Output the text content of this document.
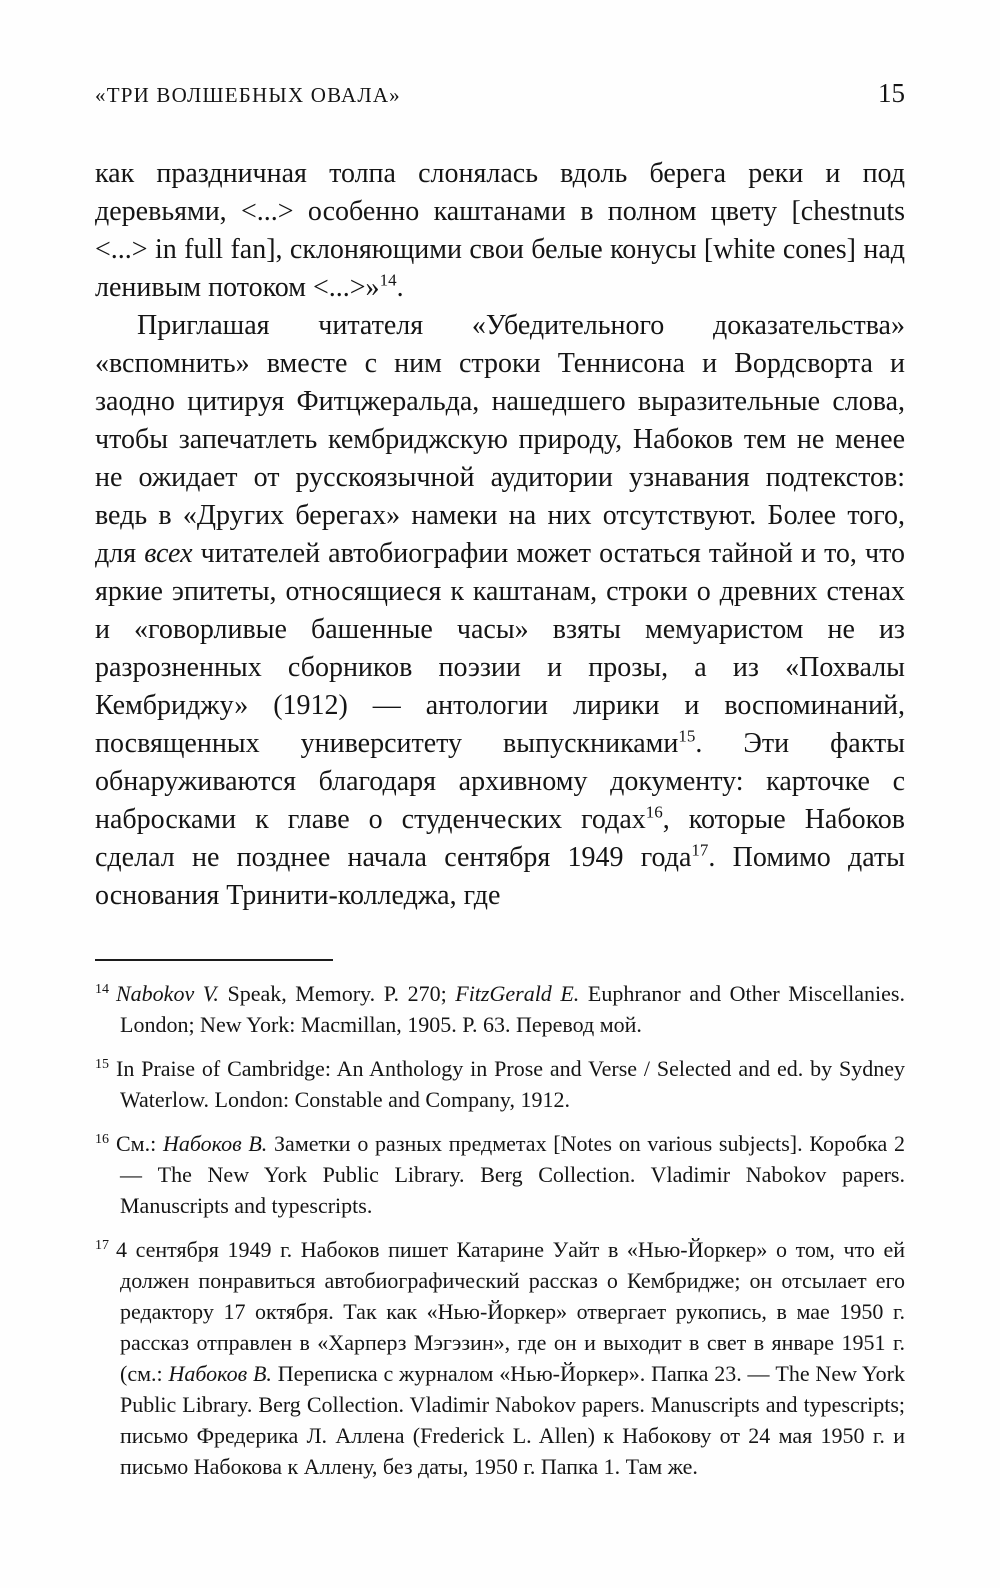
«ТРИ ВОЛШЕБНЫХ ОВАЛА»	15

как праздничная толпа слонялась вдоль берега реки и под деревьями, <...> особенно каштанами в полном цвету [chestnuts <...> in full fan], склоняющими свои белые конусы [white cones] над ленивым потоком <...>»$^{14}$.

Приглашая читателя «Убедительного доказательства» «вспомнить» вместе с ним строки Теннисона и Вордсворта и заодно цитируя Фитцжеральда, нашедшего выразительные слова, чтобы запечатлеть кембриджскую природу, Набоков тем не менее не ожидает от русскоязычной аудитории узнавания подтекстов: ведь в «Других берегах» намеки на них отсутствуют. Более того, для всех читателей автобиографии может остаться тайной и то, что яркие эпитеты, относящиеся к каштанам, строки о древних стенах и «говорливые башенные часы» взяты мемуаристом не из разрозненных сборников поэзии и прозы, а из «Похвалы Кембриджу» (1912) — антологии лирики и воспоминаний, посвященных университету выпускниками$^{15}$. Эти факты обнаруживаются благодаря архивному документу: карточке с набросками к главе о студенческих годах$^{16}$, которые Набоков сделал не позднее начала сентября 1949 года$^{17}$. Помимо даты основания Тринити-колледжа, где

$^{14}$ Nabokov V. Speak, Memory. P. 270; FitzGerald E. Euphranor and Other Miscellanies. London; New York: Macmillan, 1905. P. 63. Перевод мой.

$^{15}$ In Praise of Cambridge: An Anthology in Prose and Verse / Selected and ed. by Sydney Waterlow. London: Constable and Company, 1912.

$^{16}$ См.: Набоков В. Заметки о разных предметах [Notes on various subjects]. Коробка 2 — The New York Public Library. Berg Collection. Vladimir Nabokov papers. Manuscripts and typescripts.

$^{17}$ 4 сентября 1949 г. Набоков пишет Катарине Уайт в «Нью-Йоркер» о том, что ей должен понравиться автобиографический рассказ о Кембридже; он отсылает его редактору 17 октября. Так как «Нью-Йоркер» отвергает рукопись, в мае 1950 г. рассказ отправлен в «Харперз Мэгэзин», где он и выходит в свет в январе 1951 г. (см.: Набоков В. Переписка с журналом «Нью-Йоркер». Папка 23. — The New York Public Library. Berg Collection. Vladimir Nabokov papers. Manuscripts and typescripts; письмо Фредерика Л. Аллена (Frederick L. Allen) к Набокову от 24 мая 1950 г. и письмо Набокова к Аллену, без даты, 1950 г. Папка 1. Там же.
